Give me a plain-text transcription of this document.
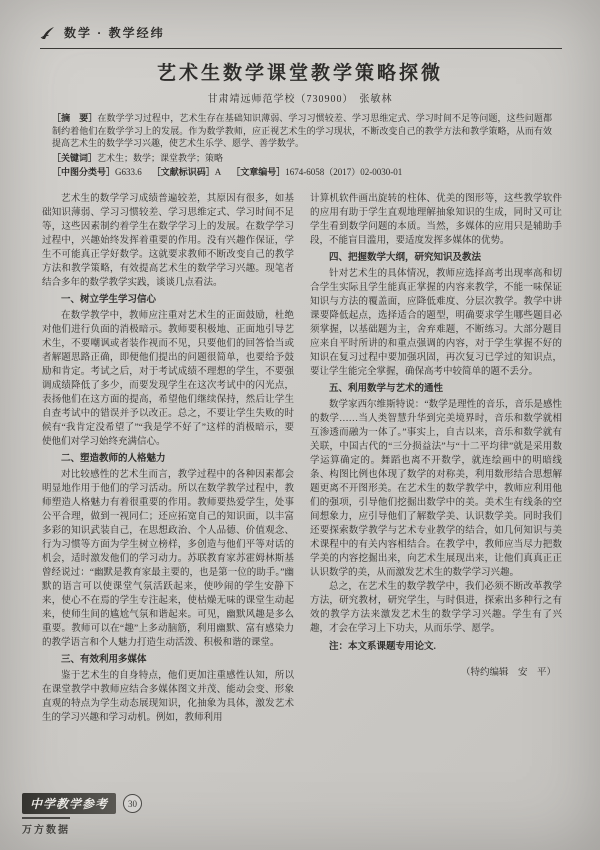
数学 · 教学经纬
艺术生数学课堂教学策略探微
甘肃靖远师范学校（730900）　张敏林

［摘　要］在数学学习过程中，艺术生存在基础知识薄弱、学习习惯较差、学习思维定式、学习时间不足等问题，这些问题都制约着他们在数学学习上的发展。作为数学教师，应正视艺术生的学习现状，不断改变自己的教学方法和教学策略，从而有效提高艺术生的数学学习兴趣，使艺术生乐学、愿学、善学数学。

［关键词］艺术生；数学；课堂教学；策略

［中图分类号］G633.6 ［文献标识码］A ［文章编号］1674-6058（2017）02-0030-01

艺术生的数学学习成绩普遍较差，其原因有很多，如基础知识薄弱、学习习惯较差、学习思维定式、学习时间不足等，这些因素制约着学生在数学学习上的发展。在数学学习过程中，兴趣始终发挥着重要的作用。没有兴趣作保证，学生不可能真正学好数学。这就要求教师不断改变自己的教学方法和教学策略，有效提高艺术生的数学学习兴趣。现笔者结合多年的数学教学实践，谈谈几点看法。

一、树立学生学习信心

在数学教学中，教师应注重对艺术生的正面鼓励，杜绝对他们进行负面的消极暗示。教师要积极地、正面地引导艺术生，不要嘲讽或者装作视而不见，只要他们的回答恰当或者解题思路正确，即便他们提出的问题很简单，也要给予鼓励和肯定。考试之后，对于考试成绩不理想的学生，不要强调成绩降低了多少，而要发现学生在这次考试中的闪光点，表扬他们在这方面的提高，希望他们继续保持，然后让学生自查考试中的错误并予以改正。总之，不要让学生失败的时候有“我肯定没希望了”“我是学不好了”这样的消极暗示，要使他们对学习始终充满信心。

二、塑造教师的人格魅力

对比较感性的艺术生而言，教学过程中的各种因素都会明显地作用于他们的学习活动。所以在数学教学过程中，教师塑造人格魅力有着很重要的作用。教师要热爱学生，处事公平合理，做到一视同仁；还应拓宽自己的知识面，以丰富多彩的知识武装自己，在思想政治、个人品德、价值观念、行为习惯等方面为学生树立榜样，多创造与他们平等对话的机会，适时激发他们的学习动力。苏联教育家苏霍姆林斯基曾经说过：“幽默是教育家最主要的，也是第一位的助手。”幽默的语言可以使课堂气氛活跃起来，使吵闹的学生安静下来，使心不在焉的学生专注起来，使枯燥无味的课堂生动起来，使师生间的尴尬气氛和谐起来。可见，幽默风趣是多么重要。教师可以在“趣”上多动脑筋，利用幽默、富有感染力的教学语言和个人魅力打造生动活泼、积极和谐的课堂。

三、有效利用多媒体

鉴于艺术生的自身特点，他们更加注重感性认知，所以在课堂教学中教师应结合多媒体图文并茂、能动会变、形象直观的特点为学生动态展现知识，化抽象为具体，激发艺术生的学习兴趣和学习动机。例如，教师利用

计算机软件画出旋转的柱体、优美的图形等，这些教学软件的应用有助于学生直观地理解抽象知识的生成，同时又可让学生看到数学问题的本质。当然，多媒体的应用只是辅助手段，不能盲目滥用，要适度发挥多媒体的优势。

四、把握数学大纲，研究知识及教法

针对艺术生的具体情况，教师应选择高考出现率高和切合学生实际且学生能真正掌握的内容来教学，不能一味保证知识与方法的覆盖面，应降低难度、分层次教学。教学中讲课要降低起点，选择适合的题型，明确要求学生哪些题目必须掌握，以基础题为主，舍弃难题，不断练习。大部分题目应来自平时所讲的和重点强调的内容，对于学生掌握不好的知识在复习过程中要加强巩固，再次复习已学过的知识点，要让学生能完全掌握，确保高考中较简单的题不丢分。

五、利用数学与艺术的通性

数学家西尔维斯特说：“数学是理性的音乐，音乐是感性的数学……当人类智慧升华到完美境界时，音乐和数学就相互渗透而融为一体了。”事实上，自古以来，音乐和数学就有关联，中国古代的“三分损益法”与“十二平均律”就是采用数学运算确定的。舞蹈也离不开数学，就连绘画中的明暗线条、构图比例也体现了数学的对称美，利用数形结合思想解题更离不开图形美。在艺术生的数学教学中，教师应利用他们的强项，引导他们挖掘出数学中的美。美术生有线条的空间想象力，应引导他们了解数学美、认识数学美。同时我们还要探索数学教学与艺术专业教学的结合，如几何知识与美术课程中的有关内容相结合。在教学中，教师应当尽力把数学美的内容挖掘出来，向艺术生展现出来，让他们真真正正认识数学的美，从而激发艺术生的数学学习兴趣。

总之，在艺术生的数学教学中，我们必须不断改革教学方法，研究教材，研究学生，与时俱进，探索出多种行之有效的教学方法来激发艺术生的数学学习兴趣。学生有了兴趣，才会在学习上下功夫，从而乐学、愿学。

注：本文系课题专用论文.

（特约编辑　安　平）

中学教学参考	30
万方数据
